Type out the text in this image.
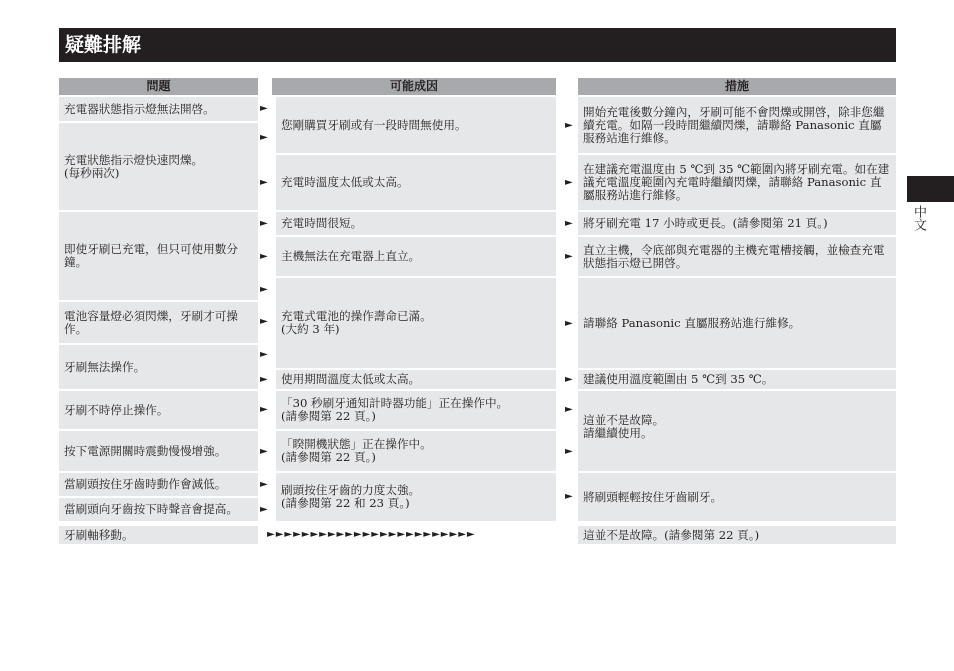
疑難排解
中文
問題	可能成因	措施
充電器狀態指示燈無法開啓。
充電狀態指示燈快速閃爍。
(每秒兩次)
即使牙刷已充電，但只可使用數分鐘。
電池容量燈必須閃爍，牙刷才可操作。
牙刷無法操作。
牙刷不時停止操作。
按下電源開關時震動慢慢增強。
當刷頭按住牙齒時動作會減低。
當刷頭向牙齒按下時聲音會提高。
牙刷軸移動。
您剛購買牙刷或有一段時間無使用。
充電時溫度太低或太高。
充電時間很短。
主機無法在充電器上直立。
充電式電池的操作壽命已滿。
(大約 3 年)
使用期間溫度太低或太高。
「30 秒刷牙通知計時器功能」正在操作中。
(請參閱第 22 頁。)
「睽開機狀態」正在操作中。
(請參閱第 22 頁。)
刷頭按住牙齒的力度太強。
(請參閱第 22 和 23 頁。)
開始充電後數分鐘內，牙刷可能不會閃爍或開啓，除非您繼續充電。如隔一段時間繼續閃爍，請聯絡 Panasonic 直屬服務站進行維修。
在建議充電溫度由 5 ℃到 35 ℃範圍內將牙刷充電。如在建議充電溫度範圍內充電時繼續閃爍，請聯絡 Panasonic 直屬服務站進行維修。
將牙刷充電 17 小時或更長。(請參閱第 21 頁。)
直立主機，令底部與充電器的主機充電槽接觸，並檢查充電狀態指示燈已開啓。
請聯絡 Panasonic 直屬服務站進行維修。
建議使用溫度範圍由 5 ℃到 35 ℃。
這並不是故障。
請繼續使用。
將刷頭輕輕按住牙齒刷牙。
這並不是故障。(請參閱第 22 頁。)
►
►
►
►
►
►
►
►
►
►
►
►
►
►
►
►
►
►
►
►
►
►
►►►►►►►►►►►►►►►►►►►►►►►►
